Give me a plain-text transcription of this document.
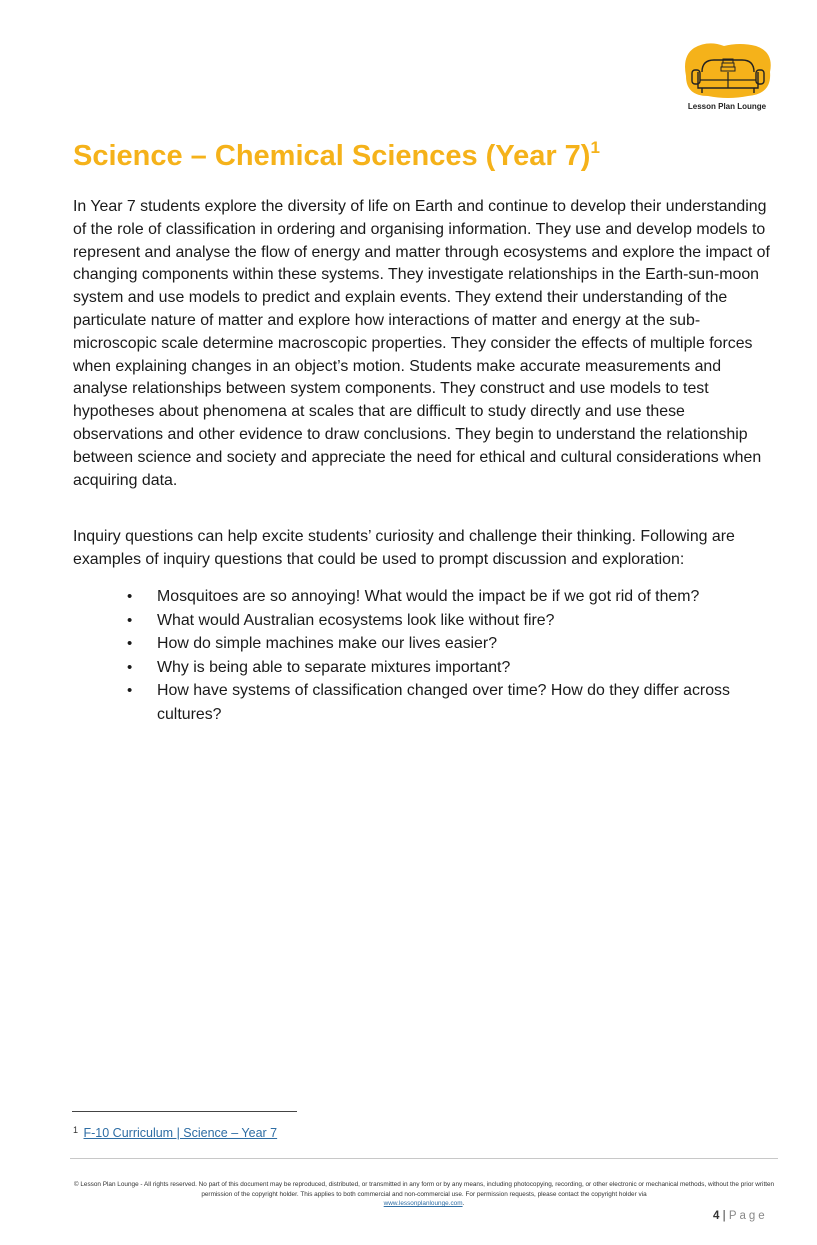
Lesson Plan Lounge
Science – Chemical Sciences (Year 7)$^1$

In Year 7 students explore the diversity of life on Earth and continue to develop their understanding of the role of classification in ordering and organising information. They use and develop models to represent and analyse the flow of energy and matter through ecosystems and explore the impact of changing components within these systems. They investigate relationships in the Earth-sun-moon system and use models to predict and explain events. They extend their understanding of the particulate nature of matter and explore how interactions of matter and energy at the sub-microscopic scale determine macroscopic properties. They consider the effects of multiple forces when explaining changes in an object’s motion. Students make accurate measurements and analyse relationships between system components. They construct and use models to test hypotheses about phenomena at scales that are difficult to study directly and use these observations and other evidence to draw conclusions. They begin to understand the relationship between science and society and appreciate the need for ethical and cultural considerations when acquiring data.

Inquiry questions can help excite students’ curiosity and challenge their thinking. Following are examples of inquiry questions that could be used to prompt discussion and exploration:

• Mosquitoes are so annoying! What would the impact be if we got rid of them?
• What would Australian ecosystems look like without fire?
• How do simple machines make our lives easier?
• Why is being able to separate mixtures important?
• How have systems of classification changed over time? How do they differ across cultures?
$^1$ F-10 Curriculum | Science – Year 7
© Lesson Plan Lounge - All rights reserved. No part of this document may be reproduced, distributed, or transmitted in any form or by any means, including photocopying, recording, or other electronic or mechanical methods, without the prior written permission of the copyright holder. This applies to both commercial and non-commercial use. For permission requests, please contact the copyright holder via
www.lessonplanlounge.com.
4 | Page
